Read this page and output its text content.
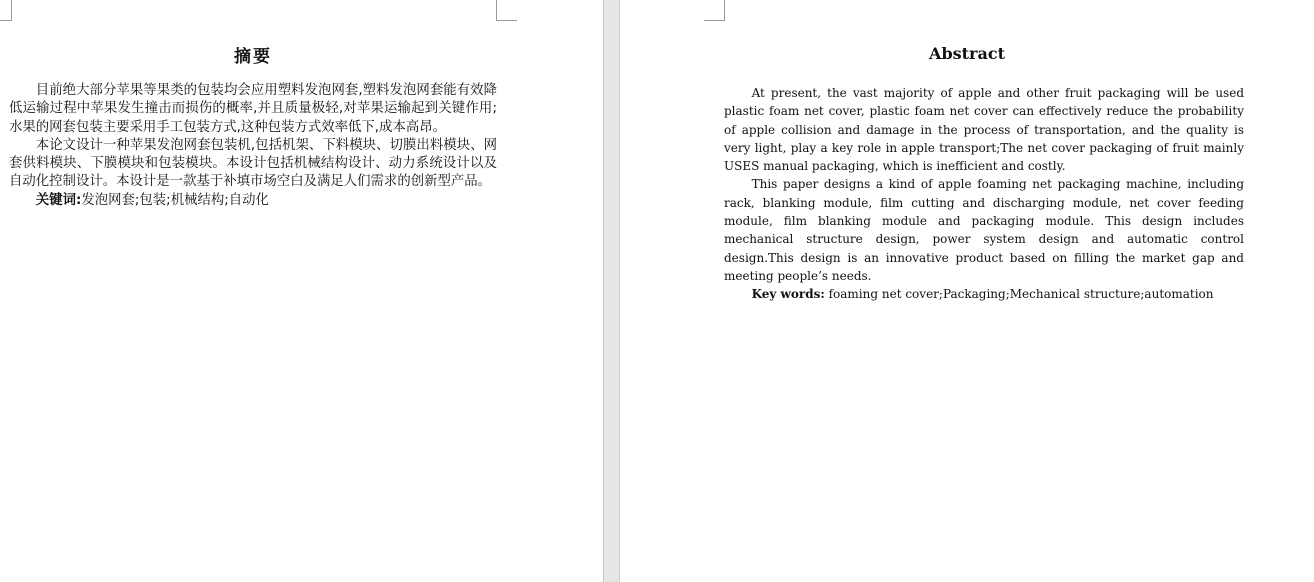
摘要

目前绝大部分苹果等果类的包装均会应用塑料发泡网套,塑料发泡网套能有效降低运输过程中苹果发生撞击而损伤的概率,并且质量极轻,对苹果运输起到关键作用;水果的网套包装主要采用手工包装方式,这种包装方式效率低下,成本高昂。

本论文设计一种苹果发泡网套包装机,包括机架、下料模块、切膜出料模块、网套供料模块、下膜模块和包装模块。本设计包括机械结构设计、动力系统设计以及自动化控制设计。本设计是一款基于补填市场空白及满足人们需求的创新型产品。

关键词:发泡网套;包装;机械结构;自动化

Abstract

At present, the vast majority of apple and other fruit packaging will be used plastic foam net cover, plastic foam net cover can effectively reduce the probability of apple collision and damage in the process of transportation, and the quality is very light, play a key role in apple transport;The net cover packaging of fruit mainly USES manual packaging, which is inefficient and costly.

This paper designs a kind of apple foaming net packaging machine, including rack, blanking module, film cutting and discharging module, net cover feeding module, film blanking module and packaging module. This design includes mechanical structure design, power system design and automatic control design.This design is an innovative product based on filling the market gap and meeting people’s needs.

Key words: foaming net cover;Packaging;Mechanical structure;automation
